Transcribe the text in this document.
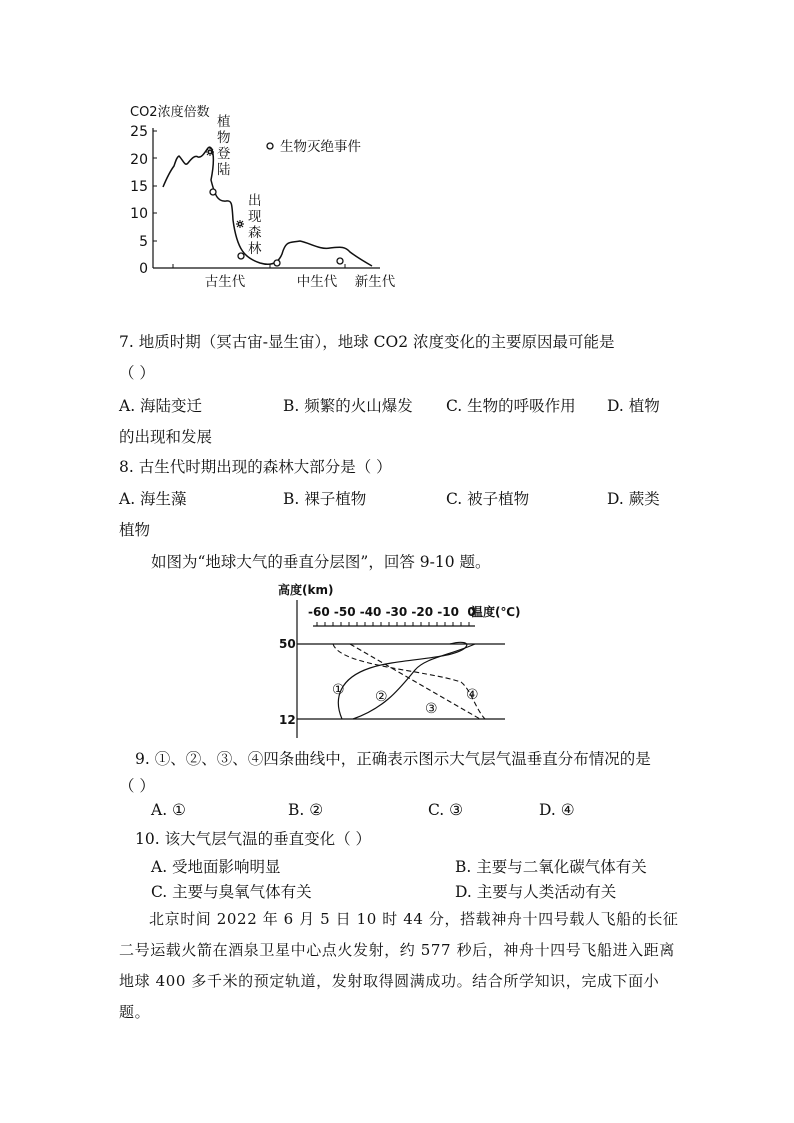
CO2浓度倍数
25
20
15
10
5
0
植
物
登
陆
出
现
森
林
生物灭绝事件
古生代	中生代 新生代
7. 地质时期（冥古宙-显生宙），地球 CO2 浓度变化的主要原因最可能是
（ ）
A. 海陆变迁	B. 频繁的火山爆发 C. 生物的呼吸作用 D. 植物
的出现和发展
8. 古生代时期出现的森林大部分是（ ）
A. 海生藻	B. 裸子植物	C. 被子植物	D. 蕨类
植物
如图为“地球大气的垂直分层图”，回答 9-10 题。
高度(km)
-60 -50 -40 -30 -20 -10  0
温度(℃)
50
12
① ②
③
④
9. ①、②、③、④四条曲线中，正确表示图示大气层气温垂直分布情况的是
（ ）
A. ①	B. ②	C. ③	D. ④
10. 该大气层气温的垂直变化（ ）
A. 受地面影响明显	B. 主要与二氧化碳气体有关
C. 主要与臭氧气体有关	D. 主要与人类活动有关
北京时间 2022 年 6 月 5 日 10 时 44 分，搭载神舟十四号载人飞船的长征二号运载火箭在酒泉卫星中心点火发射，约 577 秒后，神舟十四号飞船进入距离地球 400 多千米的预定轨道，发射取得圆满成功。结合所学知识，完成下面小题。
